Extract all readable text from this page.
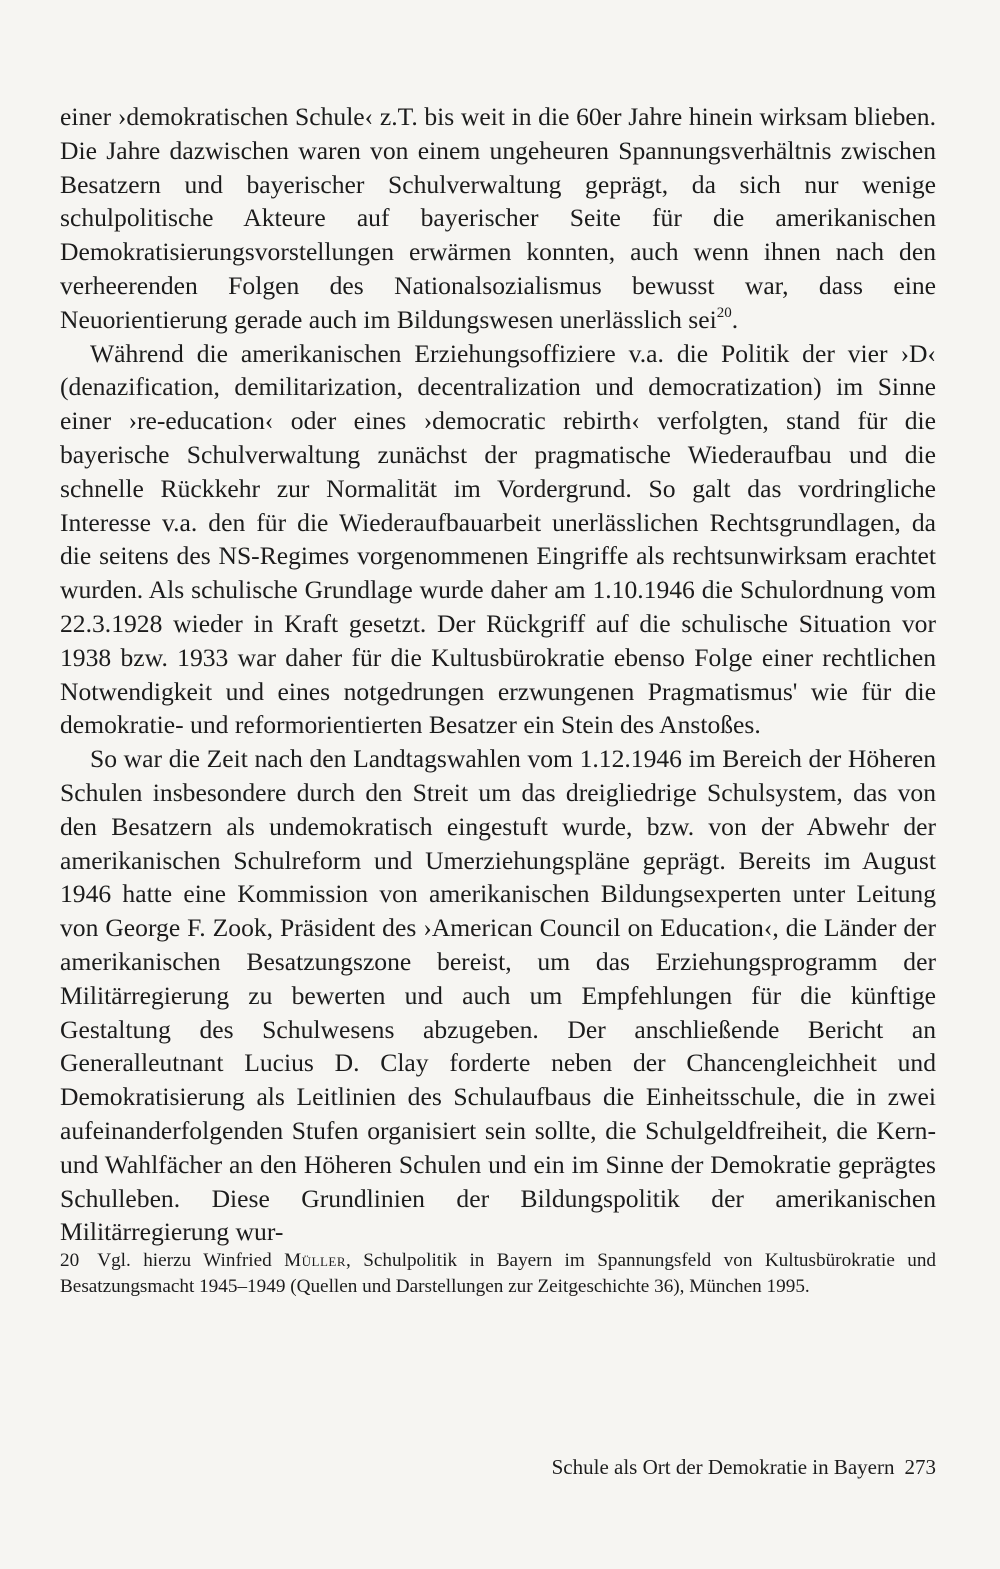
einer ›demokratischen Schule‹ z.T. bis weit in die 60er Jahre hinein wirksam blieben. Die Jahre dazwischen waren von einem ungeheuren Spannungsverhältnis zwischen Besatzern und bayerischer Schulverwaltung geprägt, da sich nur wenige schulpolitische Akteure auf bayerischer Seite für die amerikanischen Demokratisierungsvorstellungen erwärmen konnten, auch wenn ihnen nach den verheerenden Folgen des Nationalsozialismus bewusst war, dass eine Neuorientierung gerade auch im Bildungswesen unerlässlich sei$^{20}$.

Während die amerikanischen Erziehungsoffiziere v.a. die Politik der vier ›D‹ (denazification, demilitarization, decentralization und democratization) im Sinne einer ›re-education‹ oder eines ›democratic rebirth‹ verfolgten, stand für die bayerische Schulverwaltung zunächst der pragmatische Wiederaufbau und die schnelle Rückkehr zur Normalität im Vordergrund. So galt das vordringliche Interesse v.a. den für die Wiederaufbauarbeit unerlässlichen Rechtsgrundlagen, da die seitens des NS-Regimes vorgenommenen Eingriffe als rechtsunwirksam erachtet wurden. Als schulische Grundlage wurde daher am 1.10.1946 die Schulordnung vom 22.3.1928 wieder in Kraft gesetzt. Der Rückgriff auf die schulische Situation vor 1938 bzw. 1933 war daher für die Kultusbürokratie ebenso Folge einer rechtlichen Notwendigkeit und eines notgedrungen erzwungenen Pragmatismus' wie für die demokratie- und reformorientierten Besatzer ein Stein des Anstoßes.

So war die Zeit nach den Landtagswahlen vom 1.12.1946 im Bereich der Höheren Schulen insbesondere durch den Streit um das dreigliedrige Schulsystem, das von den Besatzern als undemokratisch eingestuft wurde, bzw. von der Abwehr der amerikanischen Schulreform und Umerziehungspläne geprägt. Bereits im August 1946 hatte eine Kommission von amerikanischen Bildungsexperten unter Leitung von George F. Zook, Präsident des ›American Council on Education‹, die Länder der amerikanischen Besatzungszone bereist, um das Erziehungsprogramm der Militärregierung zu bewerten und auch um Empfehlungen für die künftige Gestaltung des Schulwesens abzugeben. Der anschließende Bericht an Generalleutnant Lucius D. Clay forderte neben der Chancengleichheit und Demokratisierung als Leitlinien des Schulaufbaus die Einheitsschule, die in zwei aufeinanderfolgenden Stufen organisiert sein sollte, die Schulgeldfreiheit, die Kern- und Wahlfächer an den Höheren Schulen und ein im Sinne der Demokratie geprägtes Schulleben. Diese Grundlinien der Bildungspolitik der amerikanischen Militärregierung wur-

20 Vgl. hierzu Winfried Müller, Schulpolitik in Bayern im Spannungsfeld von Kultusbürokratie und Besatzungsmacht 1945–1949 (Quellen und Darstellungen zur Zeitgeschichte 36), München 1995.
Schule als Ort der Demokratie in Bayern 273
